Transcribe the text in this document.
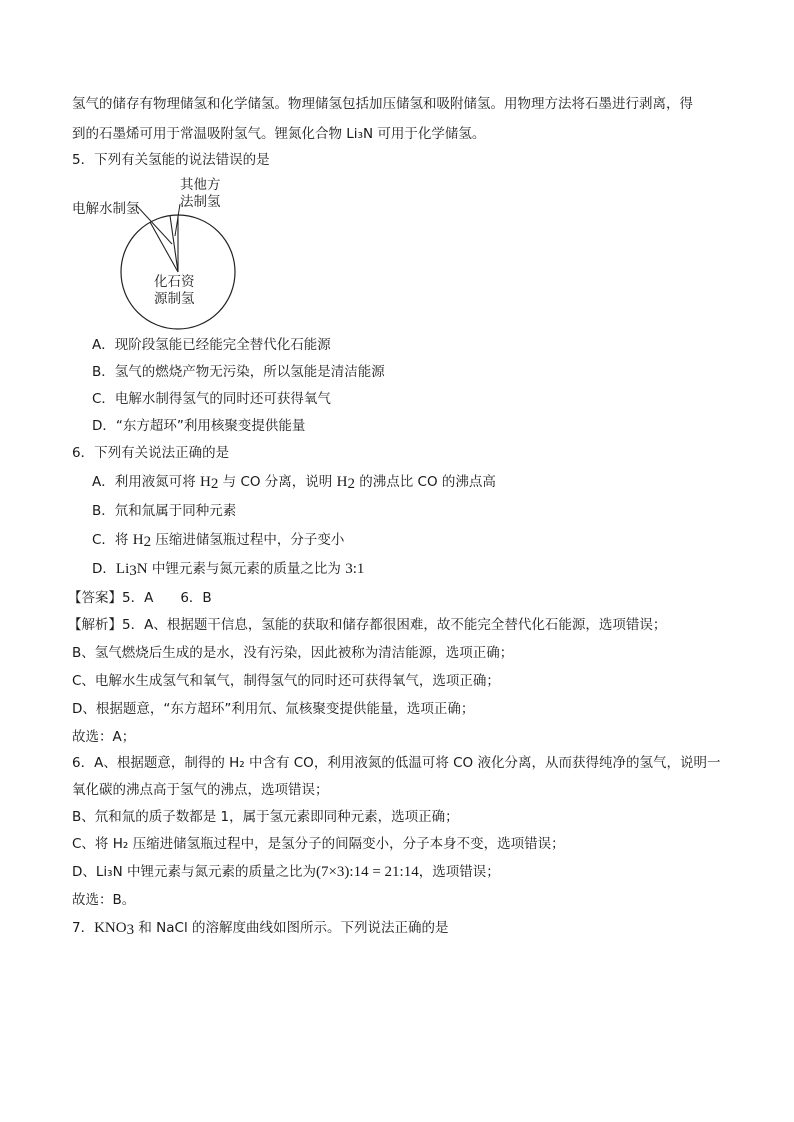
氢气的储存有物理储氢和化学储氢。物理储氢包括加压储氢和吸附储氢。用物理方法将石墨进行剥离，得
到的石墨烯可用于常温吸附氢气。锂氮化合物 Li₃N 可用于化学储氢。
5．下列有关氢能的说法错误的是
电解水制氢
其他方
法制氢
化石资
源制氢
A．现阶段氢能已经能完全替代化石能源
B．氢气的燃烧产物无污染，所以氢能是清洁能源
C．电解水制得氢气的同时还可获得氧气
D．“东方超环”利用核聚变提供能量
6．下列有关说法正确的是
A．利用液氮可将 $H_2$ 与 CO 分离，说明 $H_2$ 的沸点比 CO 的沸点高
B．氘和氚属于同种元素
C．将 $H_2$ 压缩进储氢瓶过程中，分子变小
D．$Li_3N$ 中锂元素与氮元素的质量之比为 3:1
【答案】5．A　　6．B
【解析】5．A、根据题干信息，氢能的获取和储存都很困难，故不能完全替代化石能源，选项错误；
B、氢气燃烧后生成的是水，没有污染，因此被称为清洁能源，选项正确；
C、电解水生成氢气和氧气，制得氢气的同时还可获得氧气，选项正确；
D、根据题意，“东方超环”利用氘、氚核聚变提供能量，选项正确；
故选：A；
6．A、根据题意，制得的 H₂ 中含有 CO，利用液氮的低温可将 CO 液化分离，从而获得纯净的氢气，说明一
氧化碳的沸点高于氢气的沸点，选项错误；
B、氘和氚的质子数都是 1，属于氢元素即同种元素，选项正确；
C、将 H₂ 压缩进储氢瓶过程中，是氢分子的间隔变小，分子本身不变，选项错误；
D、Li₃N 中锂元素与氮元素的质量之比为(7×3):14 = 21:14，选项错误；
故选：B。
7．$KNO_3$ 和 NaCl 的溶解度曲线如图所示。下列说法正确的是
